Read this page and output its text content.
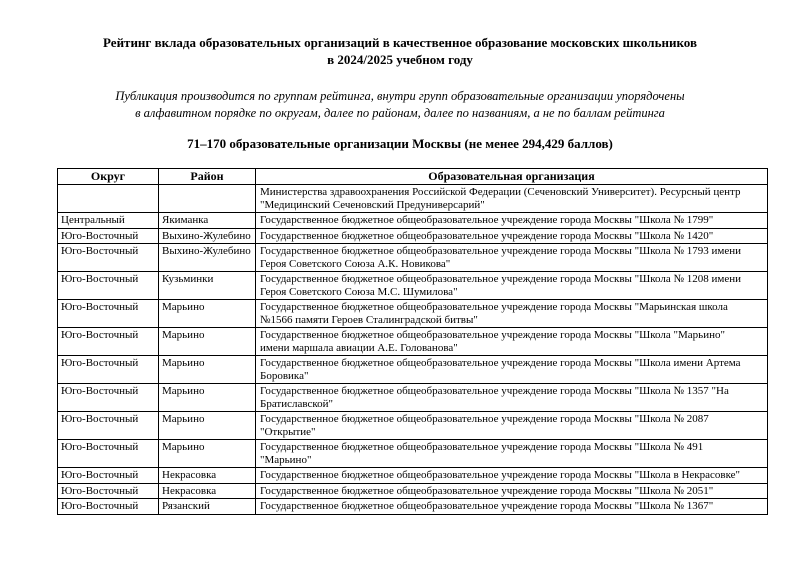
Рейтинг вклада образовательных организаций в качественное образование московских школьников
в 2024/2025 учебном году
Публикация производится по группам рейтинга, внутри групп образовательные организации упорядочены
в алфавитном порядке по округам, далее по районам, далее по названиям, а не по баллам рейтинга
71–170 образовательные организации Москвы (не менее 294,429 баллов)
Округ	Район	Образовательная организация
		Министерства здравоохранения Российской Федерации (Сеченовский Университет). Ресурсный центр "Медицинский Сеченовский Предуниверсарий"
Центральный	Якиманка	Государственное бюджетное общеобразовательное учреждение города Москвы "Школа № 1799"
Юго-Восточный	Выхино-Жулебино	Государственное бюджетное общеобразовательное учреждение города Москвы "Школа № 1420"
Юго-Восточный	Выхино-Жулебино	Государственное бюджетное общеобразовательное учреждение города Москвы "Школа № 1793 имени Героя Советского Союза А.К. Новикова"
Юго-Восточный	Кузьминки	Государственное бюджетное общеобразовательное учреждение города Москвы "Школа № 1208 имени Героя Советского Союза М.С. Шумилова"
Юго-Восточный	Марьино	Государственное бюджетное общеобразовательное учреждение города Москвы "Марьинская школа №1566 памяти Героев Сталинградской битвы"
Юго-Восточный	Марьино	Государственное бюджетное общеобразовательное учреждение города Москвы "Школа "Марьино" имени маршала авиации А.Е. Голованова"
Юго-Восточный	Марьино	Государственное бюджетное общеобразовательное учреждение города Москвы "Школа имени Артема Боровика"
Юго-Восточный	Марьино	Государственное бюджетное общеобразовательное учреждение города Москвы "Школа № 1357 "На Братиславской"
Юго-Восточный	Марьино	Государственное бюджетное общеобразовательное учреждение города Москвы "Школа № 2087 "Открытие"
Юго-Восточный	Марьино	Государственное бюджетное общеобразовательное учреждение города Москвы "Школа № 491 "Марьино"
Юго-Восточный	Некрасовка	Государственное бюджетное общеобразовательное учреждение города Москвы "Школа в Некрасовке"
Юго-Восточный	Некрасовка	Государственное бюджетное общеобразовательное учреждение города Москвы "Школа № 2051"
Юго-Восточный	Рязанский	Государственное бюджетное общеобразовательное учреждение города Москвы "Школа № 1367"
